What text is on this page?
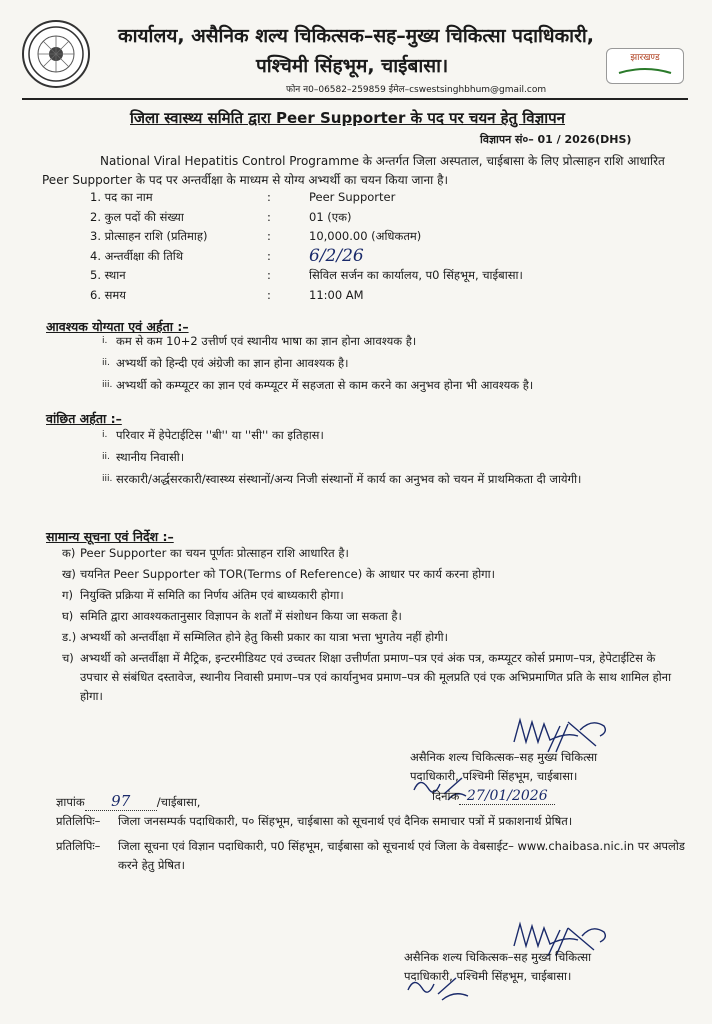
कार्यालय, असैनिक शल्य चिकित्सक–सह–मुख्य चिकित्सा पदाधिकारी,
पश्चिमी सिंहभूम, चाईबासा।
फोन न0–06582–259859 ईमेल–cswestsinghbhum@gmail.com
झारखण्ड
जिला स्वास्थ्य समिति द्वारा Peer Supporter के पद पर चयन हेतु विज्ञापन
विज्ञापन सं०– 01 / 2026(DHS)
National Viral Hepatitis Control Programme के अन्तर्गत जिला अस्पताल, चाईबासा के लिए प्रोत्साहन राशि आधारित Peer Supporter के पद पर अन्तर्वीक्षा के माध्यम से योग्य अभ्यर्थी का चयन किया जाना है।
1. पद का नाम	:	Peer Supporter
2. कुल पदों की संख्या	:	01 (एक)
3. प्रोत्साहन राशि (प्रतिमाह)	:	10,000.00 (अधिकतम)
4. अन्तर्वीक्षा की तिथि	: 6/2/26
5. स्थान	:	सिविल सर्जन का कार्यालय, प0 सिंहभूम, चाईबासा।
6. समय	:	11:00 AM
आवश्यक योग्यता एवं अर्हता :–
i. कम से कम 10+2 उत्तीर्ण एवं स्थानीय भाषा का ज्ञान होना आवश्यक है।
ii. अभ्यर्थी को हिन्दी एवं अंग्रेजी का ज्ञान होना आवश्यक है।
iii. अभ्यर्थी को कम्प्यूटर का ज्ञान एवं कम्प्यूटर में सहजता से काम करने का अनुभव होना भी आवश्यक है।
वांछित अर्हता :–
i. परिवार में हेपेटाईटिस ''बी'' या ''सी'' का इतिहास।
ii. स्थानीय निवासी।
iii. सरकारी/अर्द्धसरकारी/स्वास्थ्य संस्थानों/अन्य निजी संस्थानों में कार्य का अनुभव को चयन में प्राथमिकता दी जायेगी।
सामान्य सूचना एवं निर्देश :–
क) Peer Supporter का चयन पूर्णतः प्रोत्साहन राशि आधारित है।
ख) चयनित Peer Supporter को TOR(Terms of Reference) के आधार पर कार्य करना होगा।
ग) नियुक्ति प्रक्रिया में समिति का निर्णय अंतिम एवं बाध्यकारी होगा।
घ) समिति द्वारा आवश्यकतानुसार विज्ञापन के शर्तों में संशोधन किया जा सकता है।
ड.) अभ्यर्थी को अन्तर्वीक्षा में सम्मिलित होने हेतु किसी प्रकार का यात्रा भत्ता भुगतेय नहीं होगी।
च) अभ्यर्थी को अन्तर्वीक्षा में मैट्रिक, इन्टरमीडियट एवं उच्चतर शिक्षा उत्तीर्णता प्रमाण–पत्र एवं अंक पत्र, कम्प्यूटर कोर्स प्रमाण–पत्र, हेपेटाईटिस के उपचार से संबंधित दस्तावेज, स्थानीय निवासी प्रमाण–पत्र एवं कार्यानुभव प्रमाण–पत्र की मूलप्रति एवं एक अभिप्रमाणित प्रति के साथ शामिल होना होगा।
असैनिक शल्य चिकित्सक–सह मुख्य चिकित्सा
पदाधिकारी, पश्चिमी सिंहभूम, चाईबासा।
ज्ञापांक 97 /चाईबासा,	दिनांक 27/01/2026
प्रतिलिपिः– जिला जनसम्पर्क पदाधिकारी, प० सिंहभूम, चाईबासा को सूचनार्थ एवं दैनिक समाचार पत्रों में प्रकाशनार्थ प्रेषित।
प्रतिलिपिः– जिला सूचना एवं विज्ञान पदाधिकारी, प0 सिंहभूम, चाईबासा को सूचनार्थ एवं जिला के वेबसाईट– www.chaibasa.nic.in पर अपलोड करने हेतु प्रेषित।
असैनिक शल्य चिकित्सक–सह मुख्य चिकित्सा
पदाधिकारी, पश्चिमी सिंहभूम, चाईबासा।
